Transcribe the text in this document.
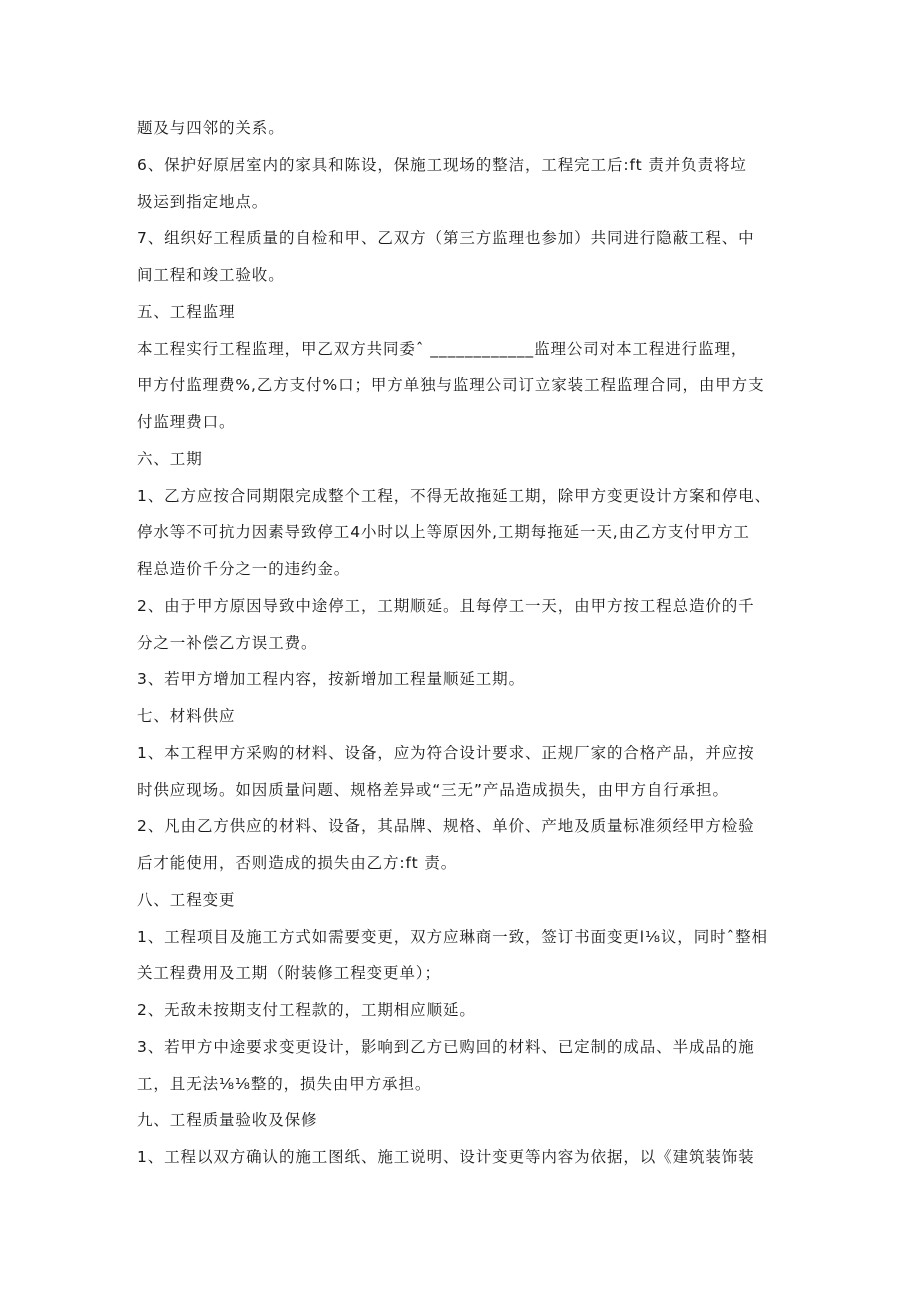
题及与四邻的关系。
6、保护好原居室内的家具和陈设，保施工现场的整洁，工程完工后:ft 责并负责将垃
圾运到指定地点。
7、组织好工程质量的自检和甲、乙双方（第三方监理也参加）共同进行隐蔽工程、中
间工程和竣工验收。
五、工程监理
本工程实行工程监理，甲乙双方共同委ˆ ____________监理公司对本工程进行监理，
甲方付监理费%,乙方支付%口；甲方单独与监理公司订立家装工程监理合同，由甲方支
付监理费口。
六、工期
1、乙方应按合同期限完成整个工程，不得无故拖延工期，除甲方变更设计方案和停电、
停水等不可抗力因素导致停工4小时以上等原因外,工期每拖延一天,由乙方支付甲方工
程总造价千分之一的违约金。
2、由于甲方原因导致中途停工，工期顺延。且每停工一天，由甲方按工程总造价的千
分之一补偿乙方误工费。
3、若甲方增加工程内容，按新增加工程量顺延工期。
七、材料供应
1、本工程甲方采购的材料、设备，应为符合设计要求、正规厂家的合格产品，并应按
时供应现场。如因质量问题、规格差异或“三无”产品造成损失，由甲方自行承担。
2、凡由乙方供应的材料、设备，其品牌、规格、单价、产地及质量标准须经甲方检验
后才能使用，否则造成的损失由乙方:ft 责。
八、工程变更
1、工程项目及施工方式如需要变更，双方应琳商一致，签订书面变更l⅛议，同时ˆ整相
关工程费用及工期（附装修工程变更单）；
2、无敌未按期支付工程款的，工期相应顺延。
3、若甲方中途要求变更设计，影响到乙方已购回的材料、已定制的成品、半成品的施
工，且无法⅛⅛整的，损失由甲方承担。
九、工程质量验收及保修
1、工程以双方确认的施工图纸、施工说明、设计变更等内容为依据，以《建筑装饰装
